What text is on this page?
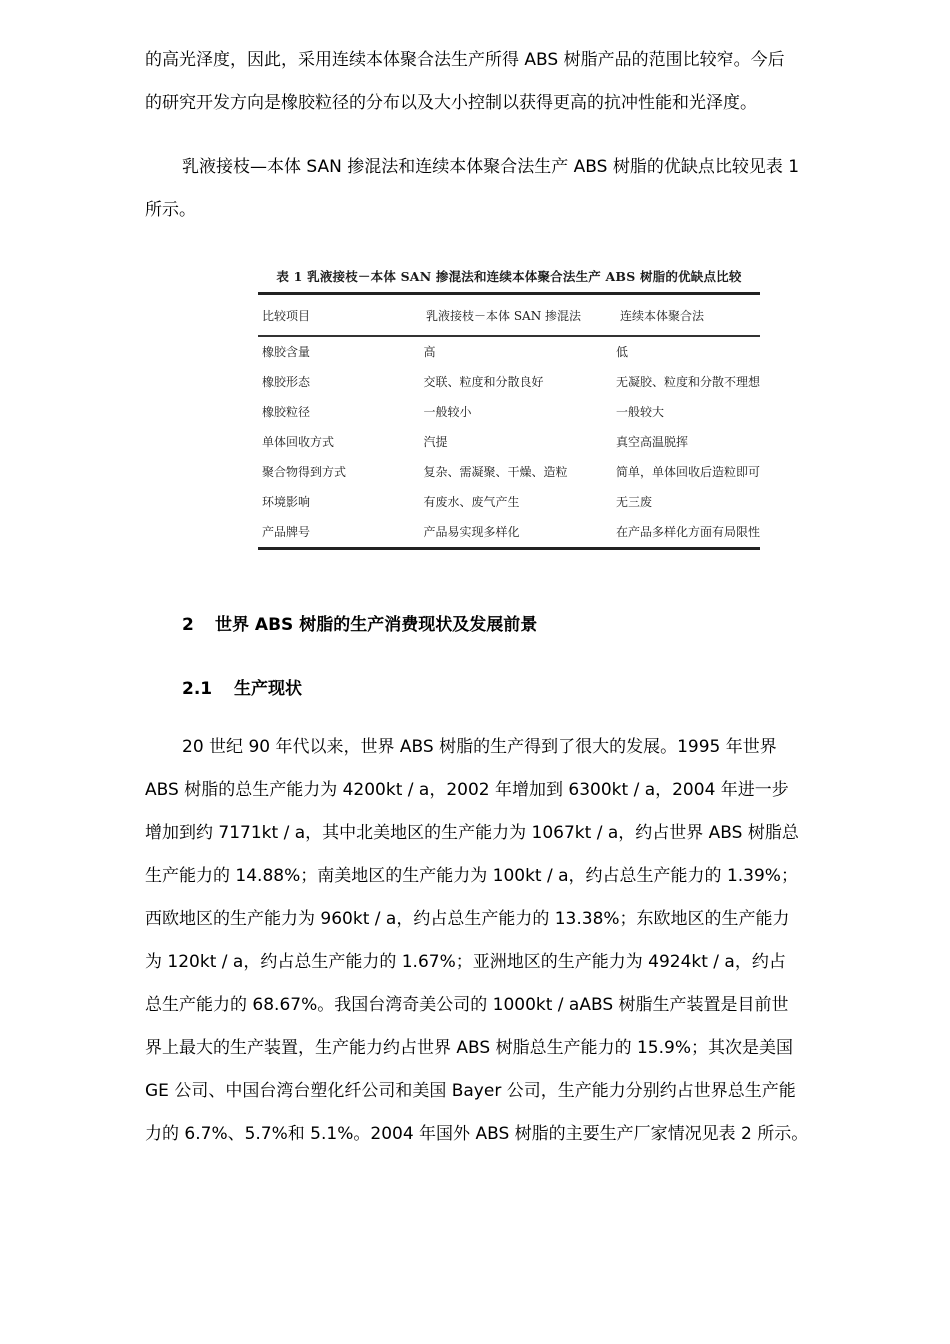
的高光泽度，因此，采用连续本体聚合法生产所得 ABS 树脂产品的范围比较窄。今后
的研究开发方向是橡胶粒径的分布以及大小控制以获得更高的抗冲性能和光泽度。

乳液接枝—本体 SAN 掺混法和连续本体聚合法生产 ABS 树脂的优缺点比较见表 1
所示。

表 1 乳液接枝－本体 SAN 掺混法和连续本体聚合法生产 ABS 树脂的优缺点比较
比较项目	乳液接枝－本体 SAN 掺混法	连续本体聚合法
橡胶含量	高	低
橡胶形态	交联、粒度和分散良好	无凝胶、粒度和分散不理想
橡胶粒径	一般较小	一般较大
单体回收方式	汽提	真空高温脱挥
聚合物得到方式	复杂、需凝聚、干燥、造粒	简单，单体回收后造粒即可
环境影响	有废水、废气产生	无三废
产品牌号	产品易实现多样化	在产品多样化方面有局限性
2 世界 ABS 树脂的生产消费现状及发展前景
2.1 生产现状

20 世纪 90 年代以来，世界 ABS 树脂的生产得到了很大的发展。1995 年世界
ABS 树脂的总生产能力为 4200kt / a，2002 年增加到 6300kt / a，2004 年进一步
增加到约 7171kt / a，其中北美地区的生产能力为 1067kt / a，约占世界 ABS 树脂总
生产能力的 14.88%；南美地区的生产能力为 100kt / a，约占总生产能力的 1.39%；
西欧地区的生产能力为 960kt / a，约占总生产能力的 13.38%；东欧地区的生产能力
为 120kt / a，约占总生产能力的 1.67%；亚洲地区的生产能力为 4924kt / a，约占
总生产能力的 68.67%。我国台湾奇美公司的 1000kt / aABS 树脂生产装置是目前世
界上最大的生产装置，生产能力约占世界 ABS 树脂总生产能力的 15.9%；其次是美国
GE 公司、中国台湾台塑化纤公司和美国 Bayer 公司，生产能力分别约占世界总生产能
力的 6.7%、5.7%和 5.1%。2004 年国外 ABS 树脂的主要生产厂家情况见表 2 所示。
